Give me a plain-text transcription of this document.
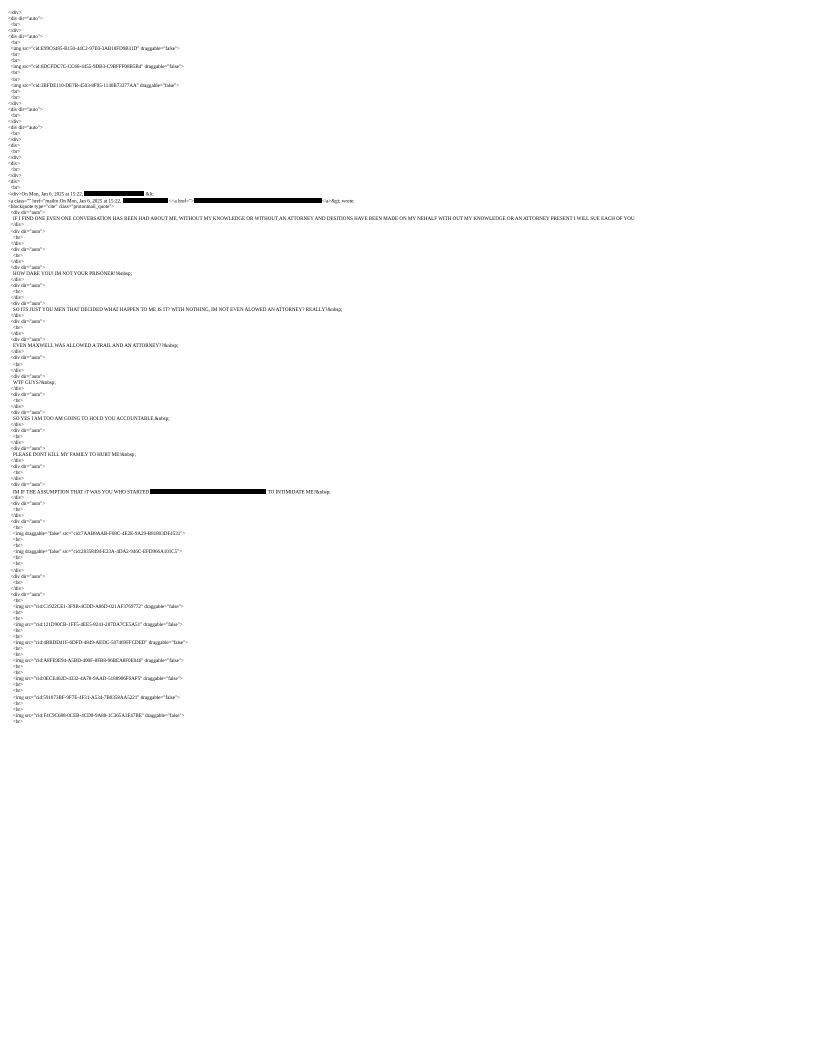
</div>
<div dir="auto">
<br>
</div>
<div dir="auto">
<br>
<img src="cid:E99C6485-B150-44C2-97E0-3AB18FD9B31D" draggable="false">
<br>
<br>
<img src="cid:6DCFDC7C-CC68-4455-9DB3-C9BFFF08B5B4" draggable="false">
<br>
<br>
<img src="cid:3BFDE110-DE7B-4503-8F95-1140B73377AA" draggable="false">
<br>
<br>
</div>
<div dir="auto">
<br>
</div>
<div dir="auto">
<br>
</div>
<div>
<br>
</div>
<div>
<br>
</div>
<div>
<br>
</div>On Mon, Jan 6, 2025 at 15:22,	&lt;
<a class="" href="mailto:On Mon, Jan 6, 2025 at 15:22,	<<a href=">	</a>&gt; wrote:
<blockquote type="cite" class="protonmail_quote">
<div dir="auto">
IF I FIND ONE EVEN ONE CONVERSATION HAS BEEN HAD ABOUT ME, WITHOUT MY KNOWLEDGE OR WITHOUT AN ATTORNEY AND DESITIONS HAVE BEEN MADE ON MY NEHALF WITH OUT MY KNOWLEDGE OR AN ATTORNEY PRESENT I WILL SUE EACH OF YOU
</div>
<div dir="auto">
<br>
</div>
<div dir="auto">
<br>
</div>
<div dir="auto">
HOW DARE YOU! IM NOT YOUR PRISONER!!&nbsp;
</div>
<div dir="auto">
<br>
</div>
<div dir="auto">
SO ITS JUST YOU MEN THAT DECIDED WHAT HAPPEN TO ME IS IT? WITH NOTHING, IM NOT EVEN ALOWED AN ATTORNEY? REALLY?&nbsp;
</div>
<div dir="auto">
<br>
</div>
<div dir="auto">
EVEN MAXWELL WAS ALLOWED A TRAIL AND AN ATTORNEY??&nbsp;
</div>
<div dir="auto">
<br>
</div>
<div dir="auto">
WTF GUYS?&nbsp;
</div>
<div dir="auto">
<br>
</div>
<div dir="auto">
SO YES I AM TOO AM GOING TO HOLD YOU ACCOUNTABLE.&nbsp;
</div>
<div dir="auto">
<br>
</div>
<div dir="auto">
PLEASE DONT KILL MY FAMILY TO HURT ME!&nbsp;
</div>
<div dir="auto">
<br>
</div>
<div dir="auto">
IM IF THE ASSUMPTION THAT iT WAS YOU WHO STARTED	TO INTIMIDATE ME?&nbsp;
</div>
<div dir="auto">
<br>
</div>
<div dir="auto">
<br>
<img draggable="false" src="cid:7AAB8AAB-F08C-4E2E-9A29-B81803DF4531">
<br>
<br>
<img draggable="false" src="cid:28358494-E23A-4DA2-946C-EFD966A101C5">
<br>
<br>
</div>
<div dir="auto">
<br>
</div>
<div dir="auto">
<br>
<img src="cid:C1922CE1-3F9B-4CDD-A86D-021AF3769772" draggable="false">
<br>
<br>
<img src="cid:121D90CB-1FF5-4EE5-8241-287DA7CE5A51" draggable="false">
<br>
<br>
<img src="cid:4BBDD41F-6DFD-4849-AEDC-507469FFCDED" draggable="false">
<br>
<br>
<img src="cid:A8FE9E94-A5BD-400F-8FB8-96BEA8F0E046" draggable="false">
<br>
<br>
<img src="cid:0ECE402D-4332-4A78-9AAD-5188906F6AF5" draggable="false">
<br>
<br>
<img src="cid:591873BF-9F7E-4F31-A534-7B8358AA5221" draggable="false">
<br>
<br>
<img src="cid:F4C9C688-0CEB-4CD0-9A88-1C365A3F47BE" draggable="false">
<br>
